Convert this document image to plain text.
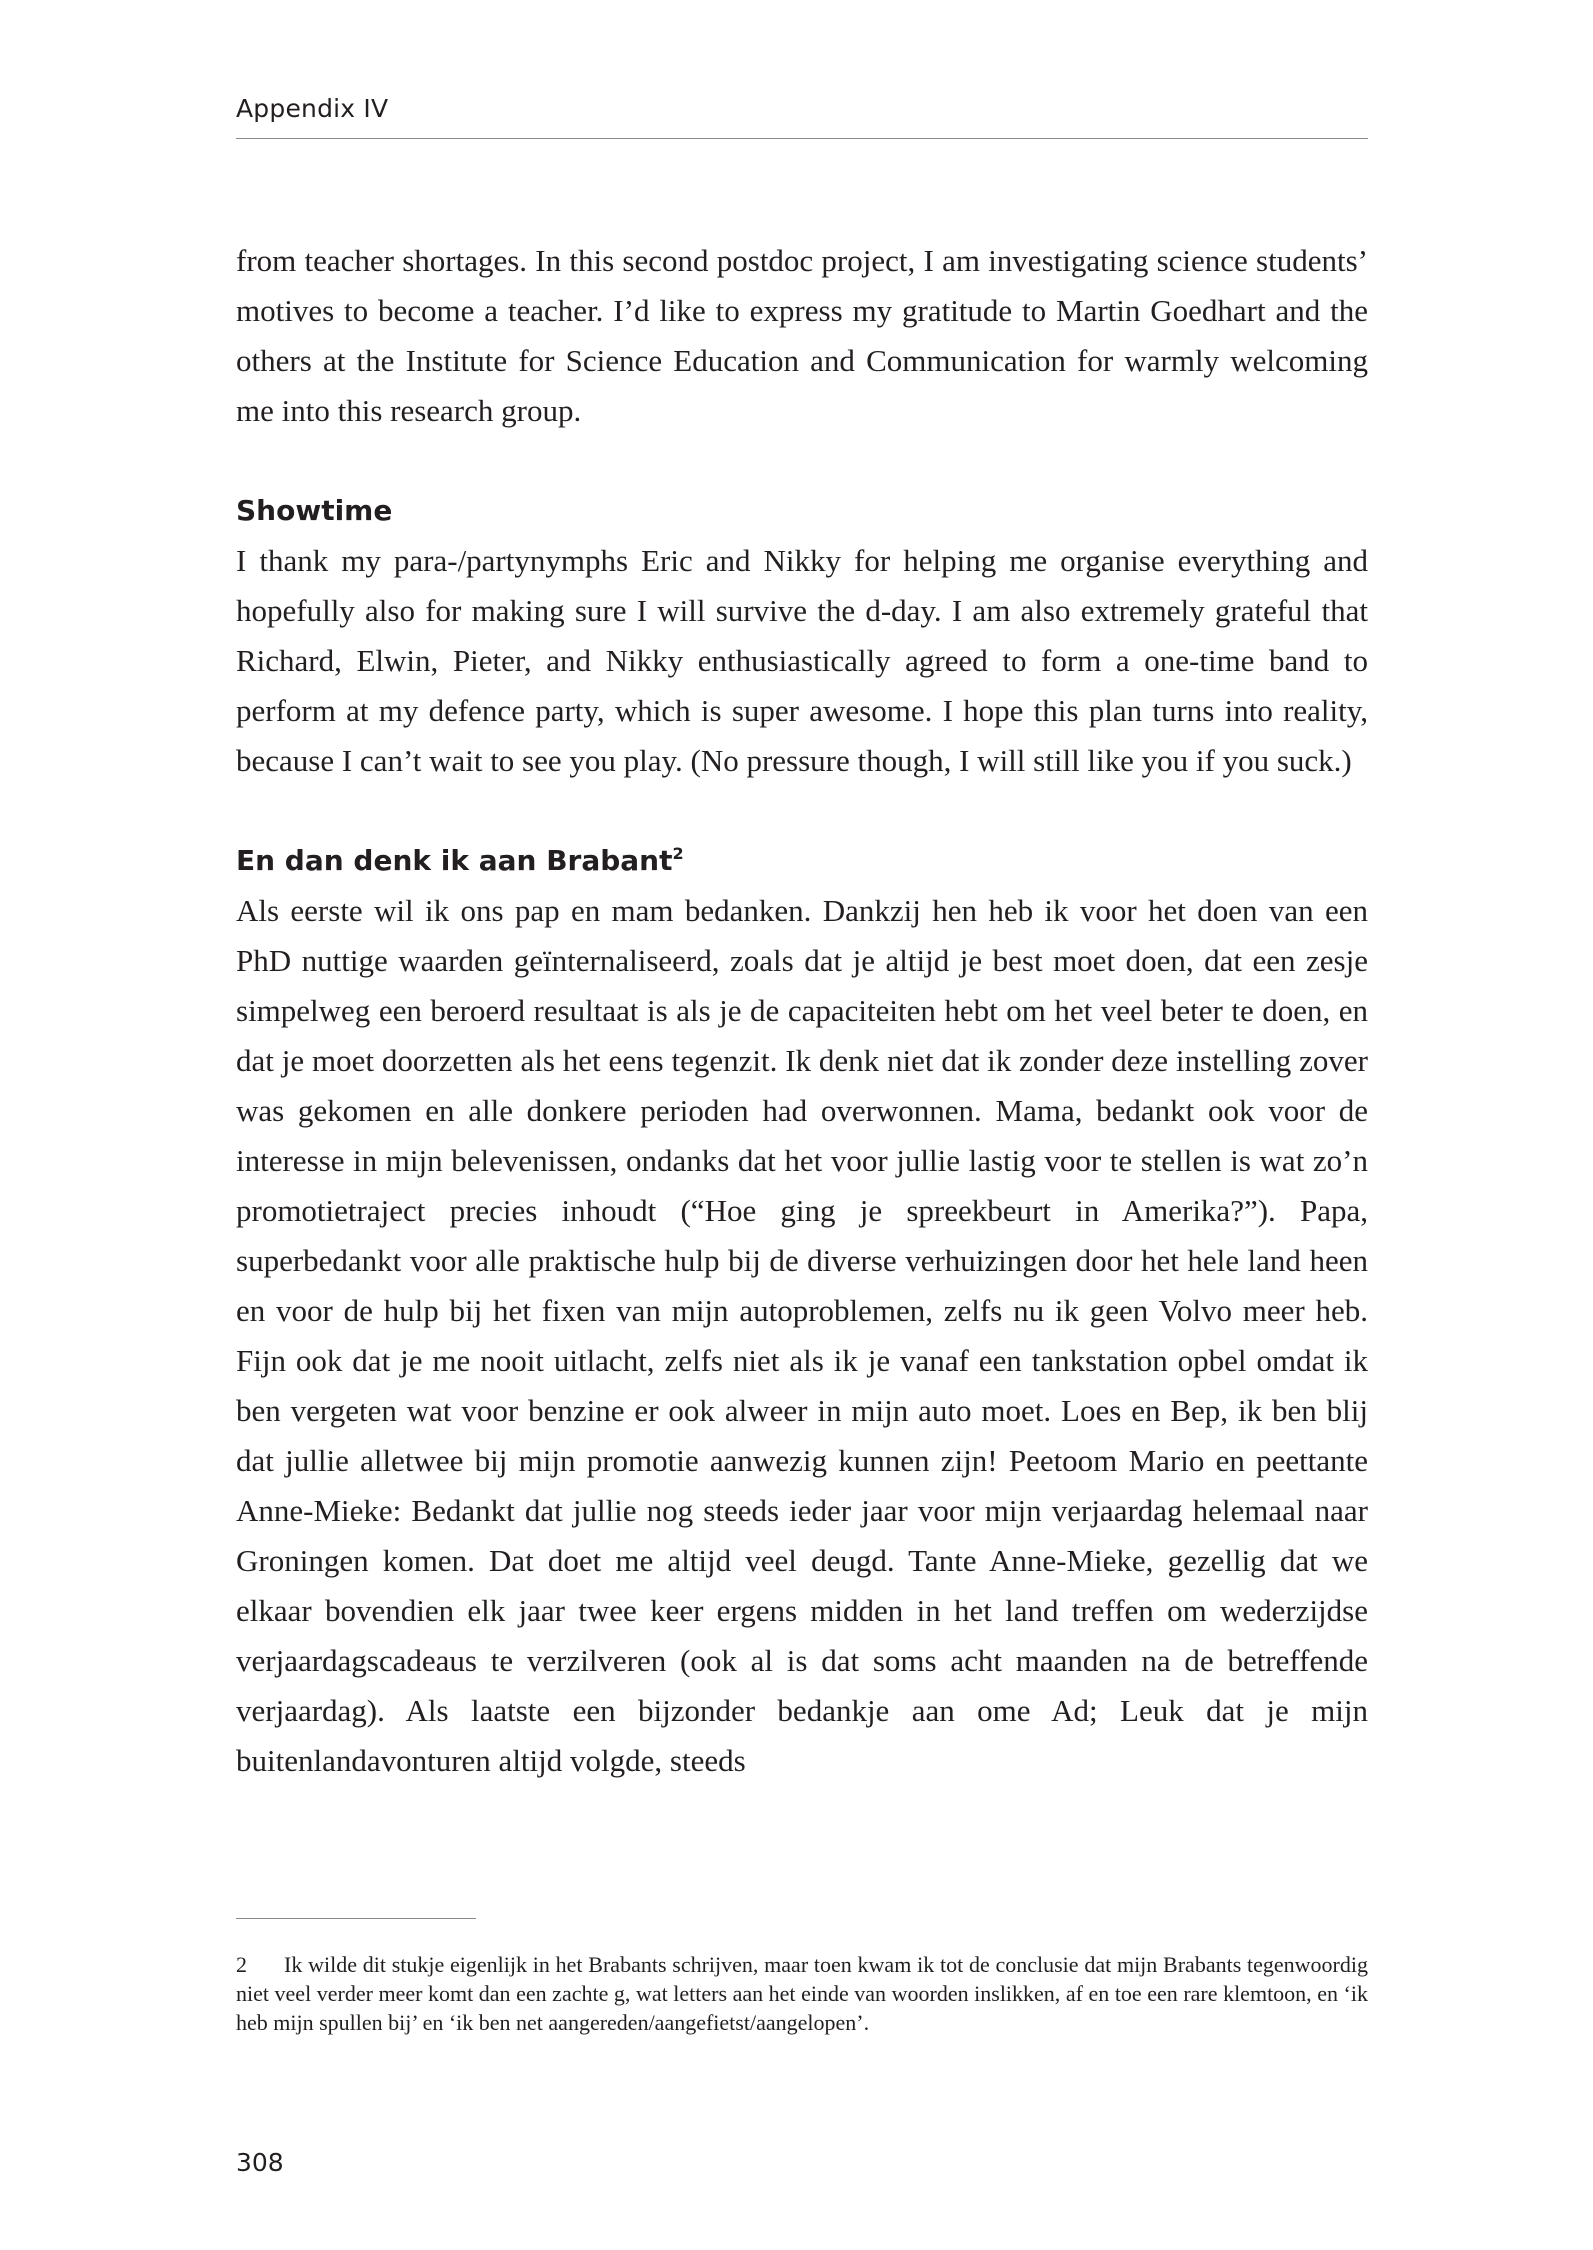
Appendix IV

from teacher shortages. In this second postdoc project, I am investigating science students’ motives to become a teacher. I’d like to express my gratitude to Martin Goedhart and the others at the Institute for Science Education and Communication for warmly welcoming me into this research group.

Showtime

I thank my para-/partynymphs Eric and Nikky for helping me organise everything and hopefully also for making sure I will survive the d-day. I am also extremely grateful that Richard, Elwin, Pieter, and Nikky enthusiastically agreed to form a one-time band to perform at my defence party, which is super awesome. I hope this plan turns into reality, because I can’t wait to see you play. (No pressure though, I will still like you if you suck.)

En dan denk ik aan Brabant$^2$

Als eerste wil ik ons pap en mam bedanken. Dankzij hen heb ik voor het doen van een PhD nuttige waarden geïnternaliseerd, zoals dat je altijd je best moet doen, dat een zesje simpelweg een beroerd resultaat is als je de capaciteiten hebt om het veel beter te doen, en dat je moet doorzetten als het eens tegenzit. Ik denk niet dat ik zonder deze instelling zover was gekomen en alle donkere perioden had overwonnen. Mama, bedankt ook voor de interesse in mijn belevenissen, ondanks dat het voor jullie lastig voor te stellen is wat zo’n promotietraject precies inhoudt (“Hoe ging je spreekbeurt in Amerika?”). Papa, superbedankt voor alle praktische hulp bij de diverse verhuizingen door het hele land heen en voor de hulp bij het fixen van mijn autoproblemen, zelfs nu ik geen Volvo meer heb. Fijn ook dat je me nooit uitlacht, zelfs niet als ik je vanaf een tankstation opbel omdat ik ben vergeten wat voor benzine er ook alweer in mijn auto moet. Loes en Bep, ik ben blij dat jullie alletwee bij mijn promotie aanwezig kunnen zijn! Peetoom Mario en peettante Anne-Mieke: Bedankt dat jullie nog steeds ieder jaar voor mijn verjaardag helemaal naar Groningen komen. Dat doet me altijd veel deugd. Tante Anne-Mieke, gezellig dat we elkaar bovendien elk jaar twee keer ergens midden in het land treffen om wederzijdse verjaardagscadeaus te verzilveren (ook al is dat soms acht maanden na de betreffende verjaardag). Als laatste een bijzonder bedankje aan ome Ad; Leuk dat je mijn buitenlandavonturen altijd volgde, steeds

2 Ik wilde dit stukje eigenlijk in het Brabants schrijven, maar toen kwam ik tot de conclusie dat mijn Brabants tegenwoordig niet veel verder meer komt dan een zachte g, wat letters aan het einde van woorden inslikken, af en toe een rare klemtoon, en ‘ik heb mijn spullen bij’ en ‘ik ben net aangereden/aangefietst/aangelopen’.
308
